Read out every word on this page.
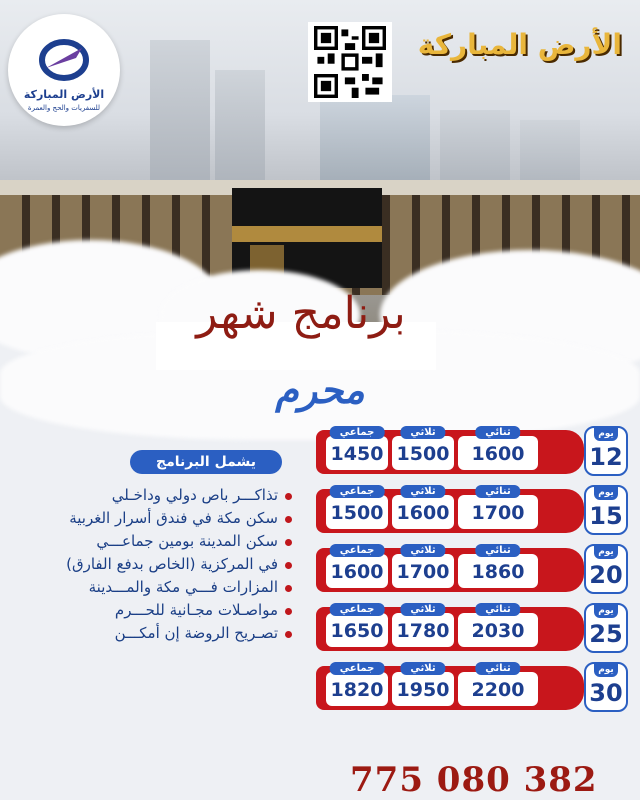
الأرض المباركة
للسفريات والحج والعمرة
الأرض المباركة
برنامج شهر
محرم
يشمل البرنامج
تذاكـــر باص دولي وداخـلي
سكن مكة في فندق أسرار الغربية
سكن المدينة بومين جماعـــي
في المركزية (الخاص بدفع الفارق)
المزارات فـــي مكة والمـــدينة
مواصـلات مجـانية للحـــرم
تصـريح الروضة إن أمكـــن
ثنائي
1600
ثلاثي
1500
جماعي
1450
يوم
12
ثنائي
1700
ثلاثي
1600
جماعي
1500
يوم
15
ثنائي
1860
ثلاثي
1700
جماعي
1600
يوم
20
ثنائي
2030
ثلاثي
1780
جماعي
1650
يوم
25
ثنائي
2200
ثلاثي
1950
جماعي
1820
يوم
30
775 080 382
